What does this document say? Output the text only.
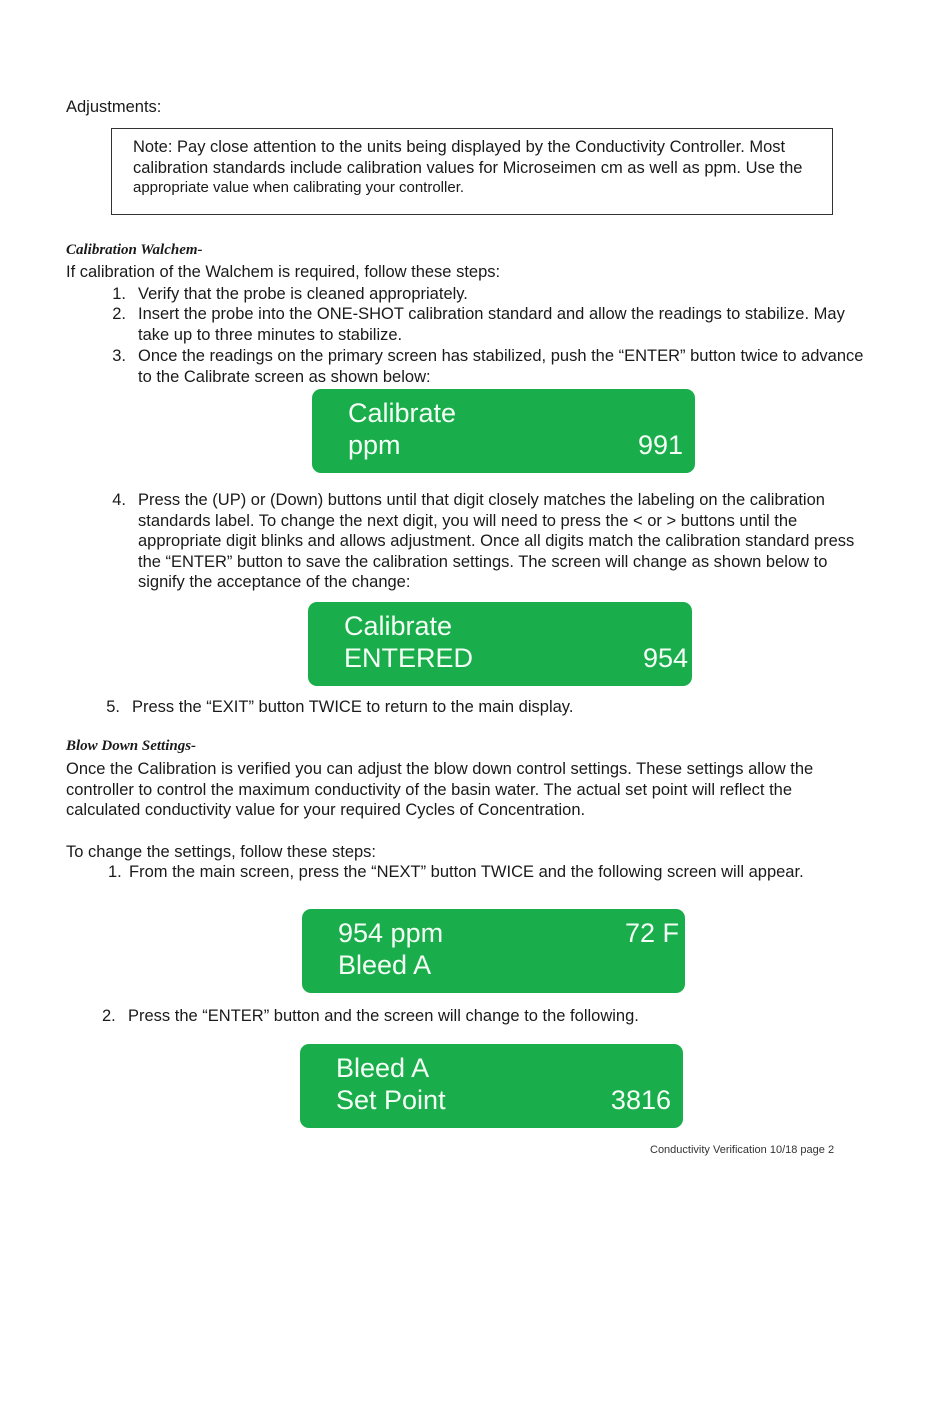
Adjustments:
Note: Pay close attention to the units being displayed by the Conductivity Controller. Most
calibration standards include calibration values for Microseimen cm as well as ppm. Use the
appropriate value when calibrating your controller.
Calibration Walchem-
If calibration of the Walchem is required, follow these steps:
1. Verify that the probe is cleaned appropriately.
2. Insert the probe into the ONE-SHOT calibration standard and allow the readings to stabilize. May
take up to three minutes to stabilize.
3. Once the readings on the primary screen has stabilized, push the “ENTER” button twice to advance
to the Calibrate screen as shown below:
Calibrate
ppm	991
4. Press the (UP) or (Down) buttons until that digit closely matches the labeling on the calibration
standards label. To change the next digit, you will need to press the < or > buttons until the
appropriate digit blinks and allows adjustment. Once all digits match the calibration standard press
the “ENTER” button to save the calibration settings. The screen will change as shown below to
signify the acceptance of the change:
Calibrate
ENTERED	954
5. Press the “EXIT” button TWICE to return to the main display.
Blow Down Settings-
Once the Calibration is verified you can adjust the blow down control settings. These settings allow the
controller to control the maximum conductivity of the basin water. The actual set point will reflect the
calculated conductivity value for your required Cycles of Concentration.
To change the settings, follow these steps:
1. From the main screen, press the “NEXT” button TWICE and the following screen will appear.
954 ppm	72 F
Bleed A
2. Press the “ENTER” button and the screen will change to the following.
Bleed A
Set Point	3816
Conductivity Verification 10/18 page 2
